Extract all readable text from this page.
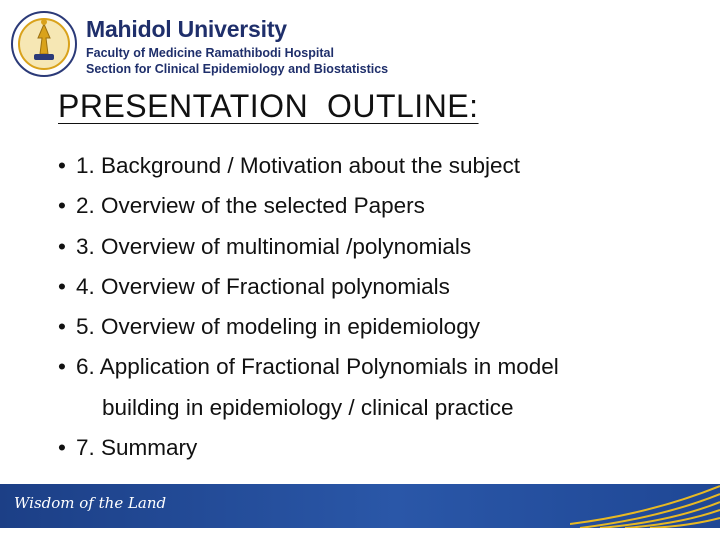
Mahidol University
Faculty of Medicine Ramathibodi Hospital
Section for Clinical Epidemiology and Biostatistics
PRESENTATION  OUTLINE:
• 1. Background / Motivation about the subject
• 2. Overview of the selected Papers
• 3. Overview of multinomial /polynomials
• 4. Overview of Fractional polynomials
• 5. Overview of modeling in epidemiology
• 6. Application of Fractional Polynomials in model
building in epidemiology / clinical practice
• 7. Summary
Wisdom of the Land
